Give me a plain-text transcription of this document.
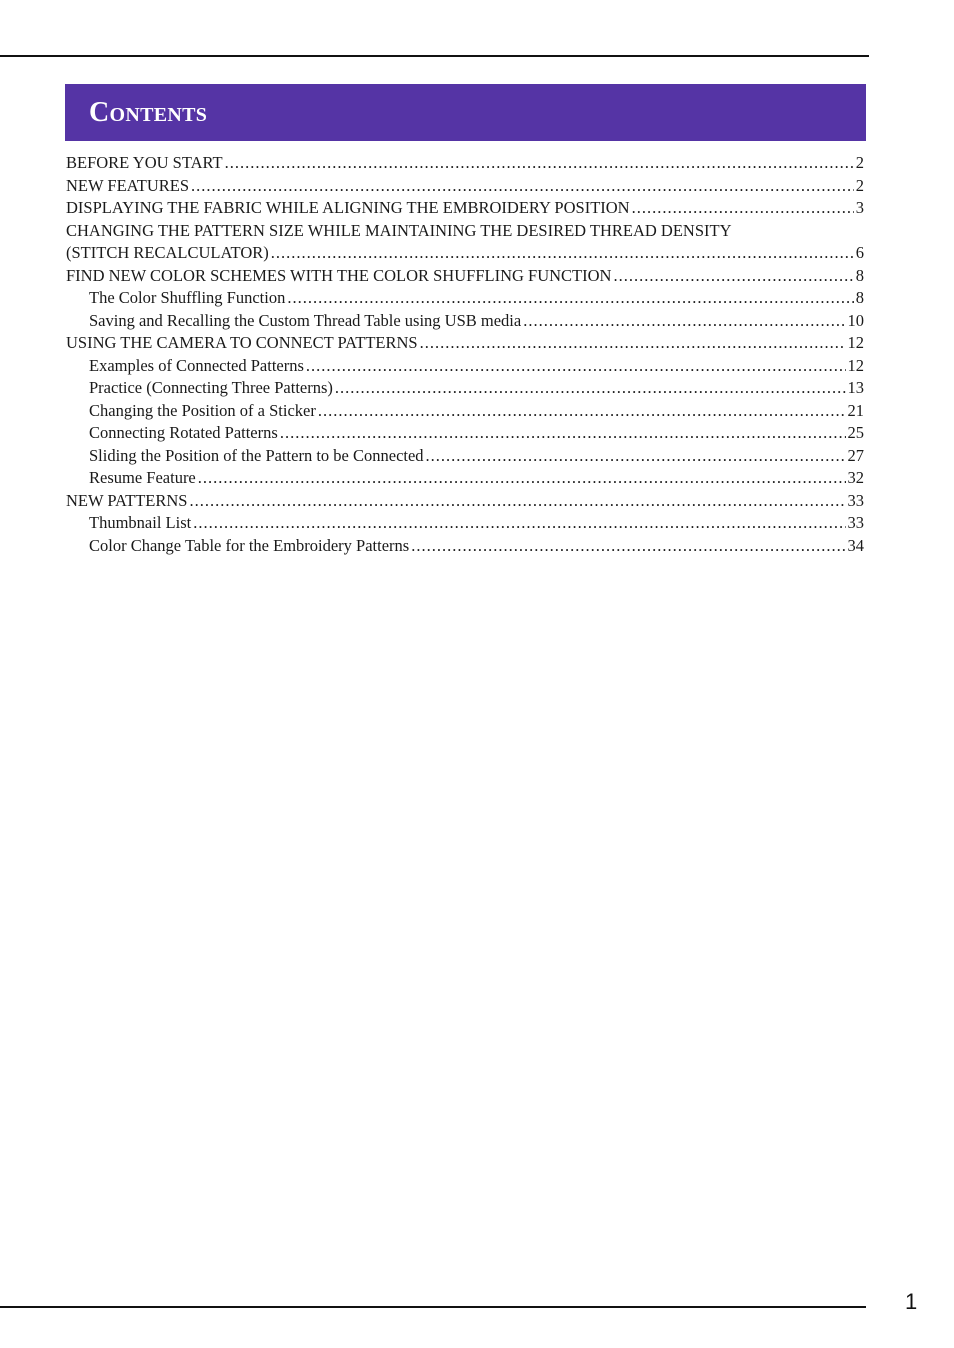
Contents
BEFORE YOU START .....	2
NEW FEATURES .....	2
DISPLAYING THE FABRIC WHILE ALIGNING THE EMBROIDERY POSITION .....	3
CHANGING THE PATTERN SIZE WHILE MAINTAINING THE DESIRED THREAD DENSITY
(STITCH RECALCULATOR) .....	6
FIND NEW COLOR SCHEMES WITH THE COLOR SHUFFLING FUNCTION .....	8
The Color Shuffling Function .....	8
Saving and Recalling the Custom Thread Table using USB media .....	10
USING THE CAMERA TO CONNECT PATTERNS .....	12
Examples of Connected Patterns .....	12
Practice (Connecting Three Patterns) .....	13
Changing the Position of a Sticker .....	21
Connecting Rotated Patterns .....	25
Sliding the Position of the Pattern to be Connected .....	27
Resume Feature .....	32
NEW PATTERNS .....	33
Thumbnail List .....	33
Color Change Table for the Embroidery Patterns .....	34
1
